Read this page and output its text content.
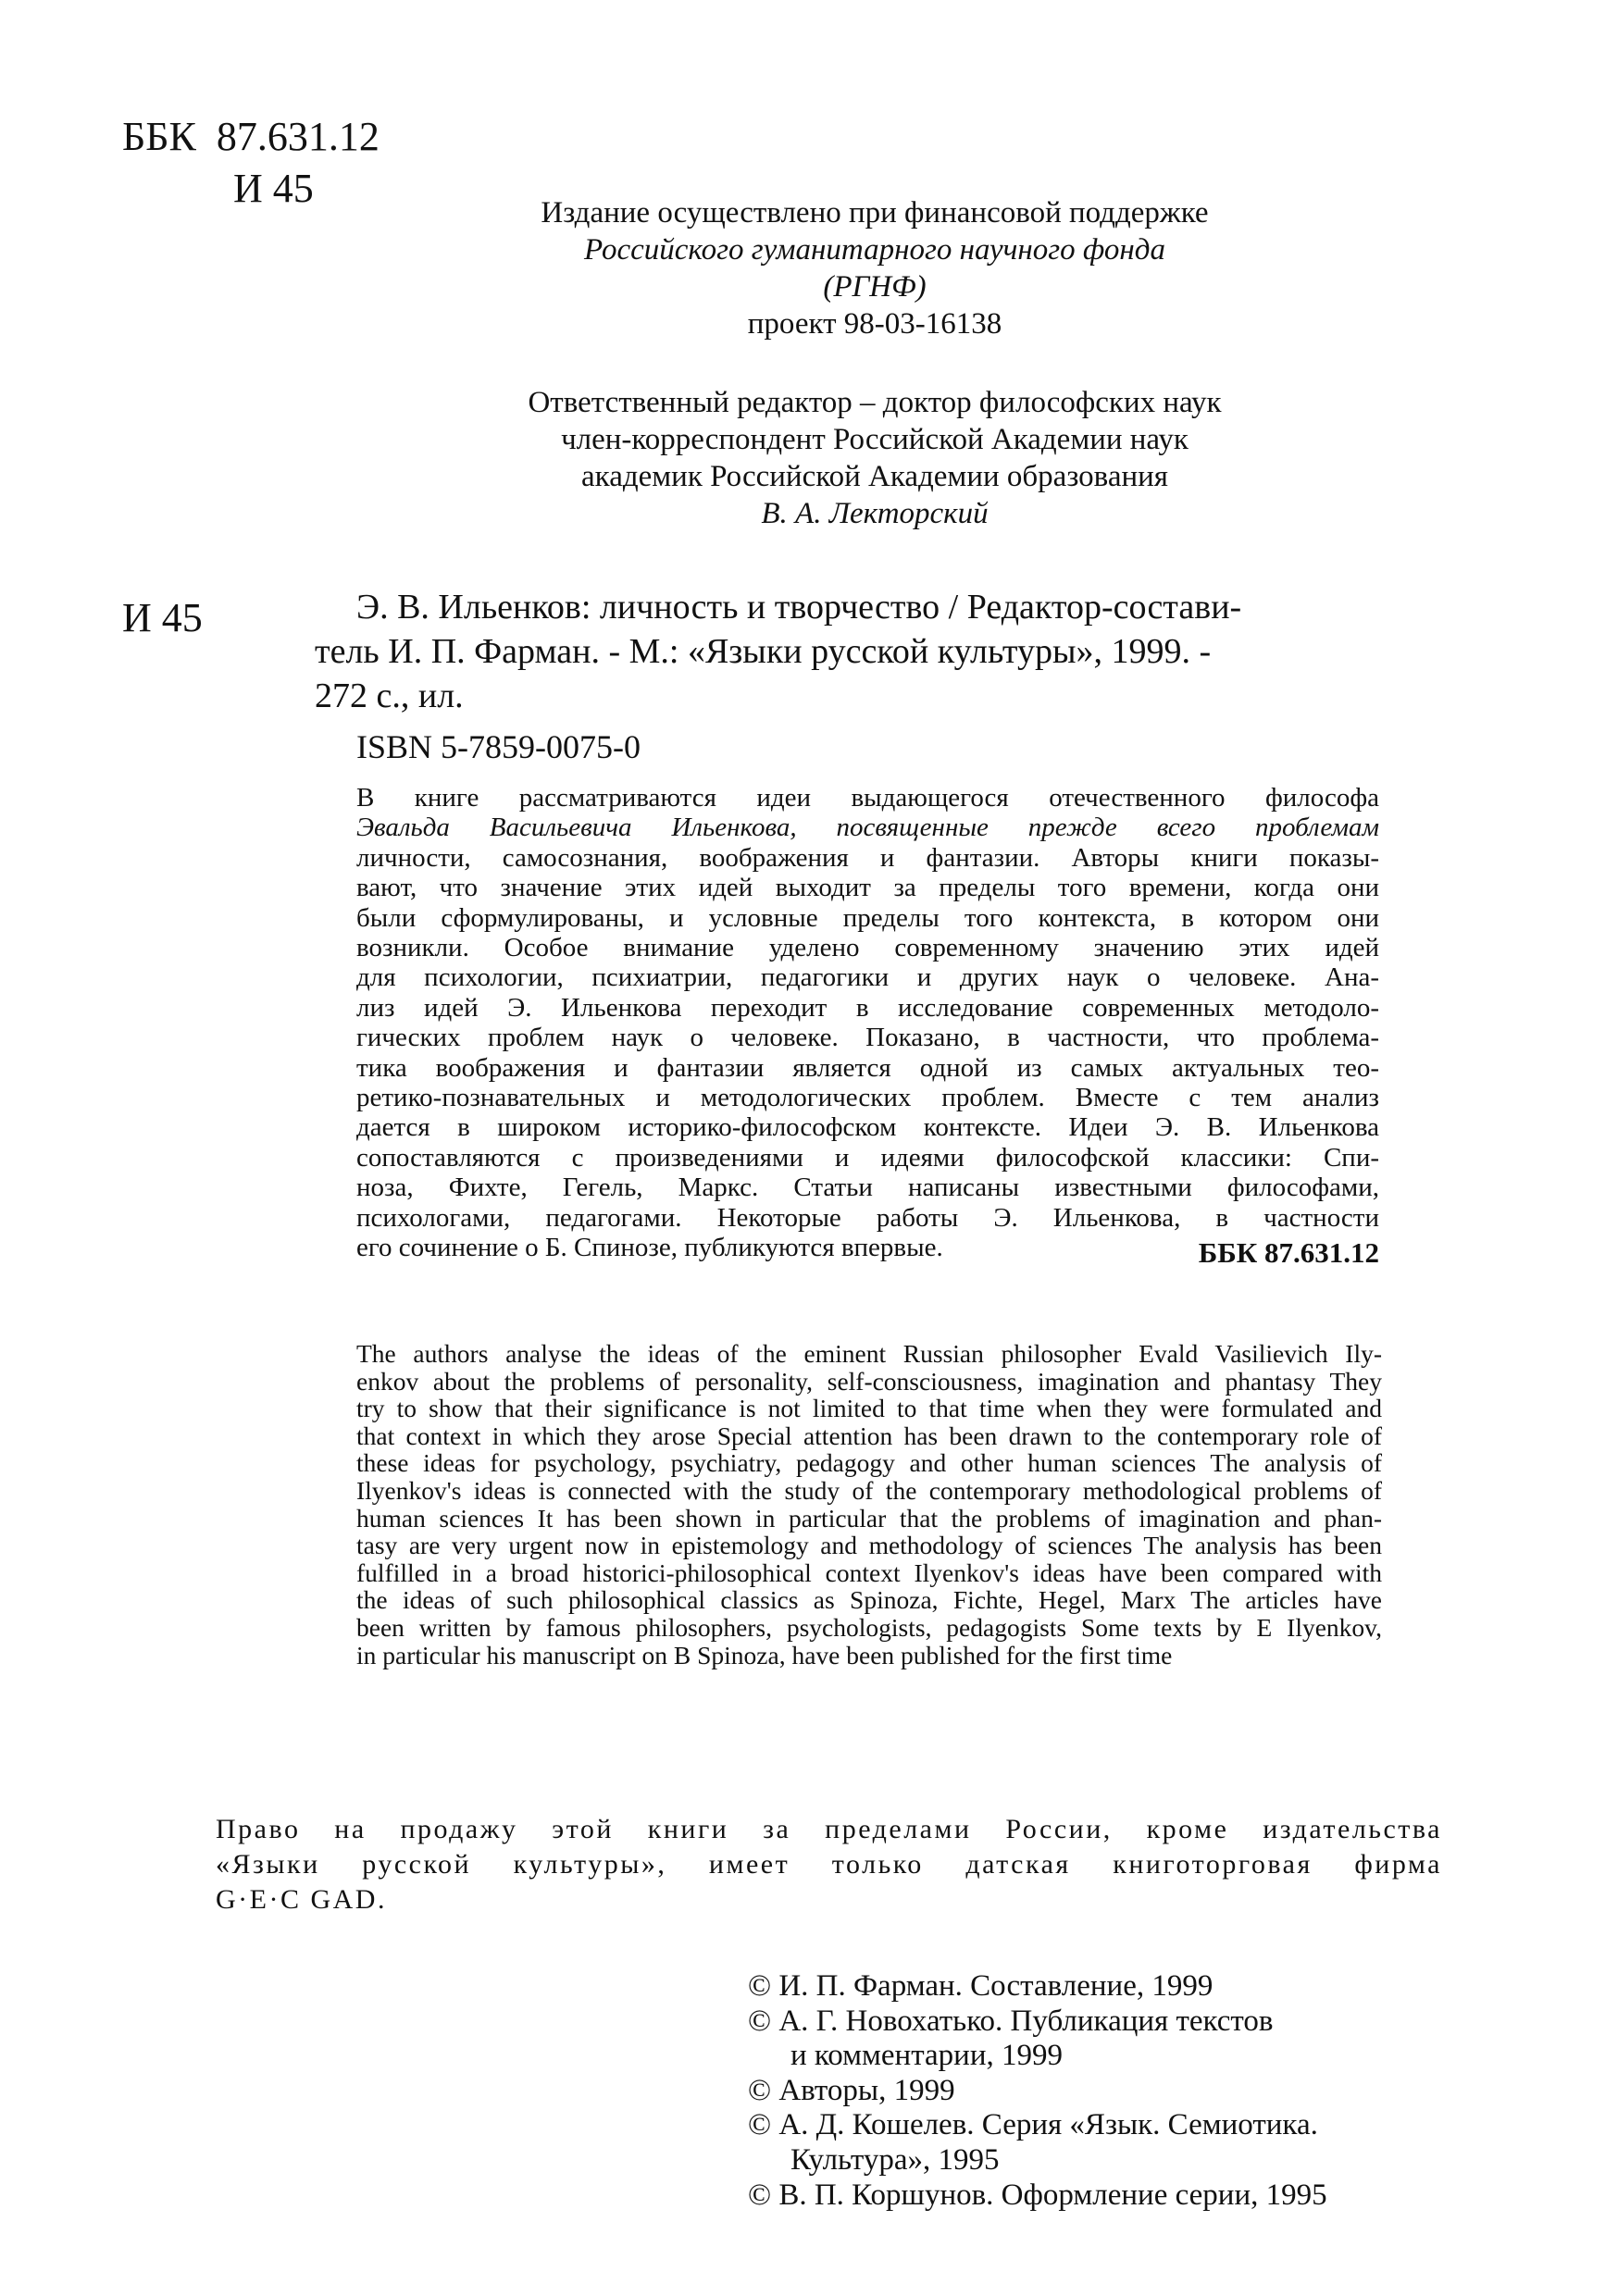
ББК  87.631.12
И 45
Издание осуществлено при финансовой поддержке
Российского гуманитарного научного фонда
(РГНФ)
проект 98-03-16138
Ответственный редактор – доктор философских наук
член-корреспондент Российской Академии наук
академик Российской Академии образования
В. А. Лекторский
И 45	Э. В. Ильенков: личность и творчество / Редактор-состави-
тель И. П. Фарман. - М.: «Языки русской культуры», 1999. -
272 с., ил.
ISBN 5-7859-0075-0
В книге рассматриваются идеи выдающегося отечественного философа
Эвальда Васильевича Ильенкова, посвященные прежде всего проблемам
личности, самосознания, воображения и фантазии. Авторы книги показы-
вают, что значение этих идей выходит за пределы того времени, когда они
были сформулированы, и условные пределы того контекста, в котором они
возникли. Особое внимание уделено современному значению этих идей
для психологии, психиатрии, педагогики и других наук о человеке. Ана-
лиз идей Э. Ильенкова переходит в исследование современных методоло-
гических проблем наук о человеке. Показано, в частности, что проблема-
тика воображения и фантазии является одной из самых актуальных тео-
ретико-познавательных и методологических проблем. Вместе с тем анализ
дается в широком историко-философском контексте. Идеи Э. В. Ильенкова
сопоставляются с произведениями и идеями философской классики: Спи-
ноза, Фихте, Гегель, Маркс. Статьи написаны известными философами,
психологами, педагогами. Некоторые работы Э. Ильенкова, в частности
его сочинение о Б. Спинозе, публикуются впервые.	ББК 87.631.12
The authors analyse the ideas of the eminent Russian philosopher Evald Vasilievich Ily-
enkov about the problems of personality, self-consciousness, imagination and phantasy They
try to show that their significance is not limited to that time when they were formulated and
that context in which they arose Special attention has been drawn to the contemporary role of
these ideas for psychology, psychiatry, pedagogy and other human sciences The analysis of
Ilyenkov's ideas is connected with the study of the contemporary methodological problems of
human sciences It has been shown in particular that the problems of imagination and phan-
tasy are very urgent now in epistemology and methodology of sciences The analysis has been
fulfilled in a broad historici-philosophical context Ilyenkov's ideas have been compared with
the ideas of such philosophical classics as Spinoza, Fichte, Hegel, Marx The articles have
been written by famous philosophers, psychologists, pedagogists Some texts by E Ilyenkov,
in particular his manuscript on B Spinoza, have been published for the first time
Право на продажу этой книги за пределами России, кроме издательства
«Языки русской культуры», имеет только датская книготорговая фирма
G·E·C GAD.
© И. П. Фарман. Составление, 1999
© А. Г. Новохатько. Публикация текстов
и комментарии, 1999
© Авторы, 1999
© А. Д. Кошелев. Серия «Язык. Семиотика.
Культура», 1995
© В. П. Коршунов. Оформление серии, 1995
